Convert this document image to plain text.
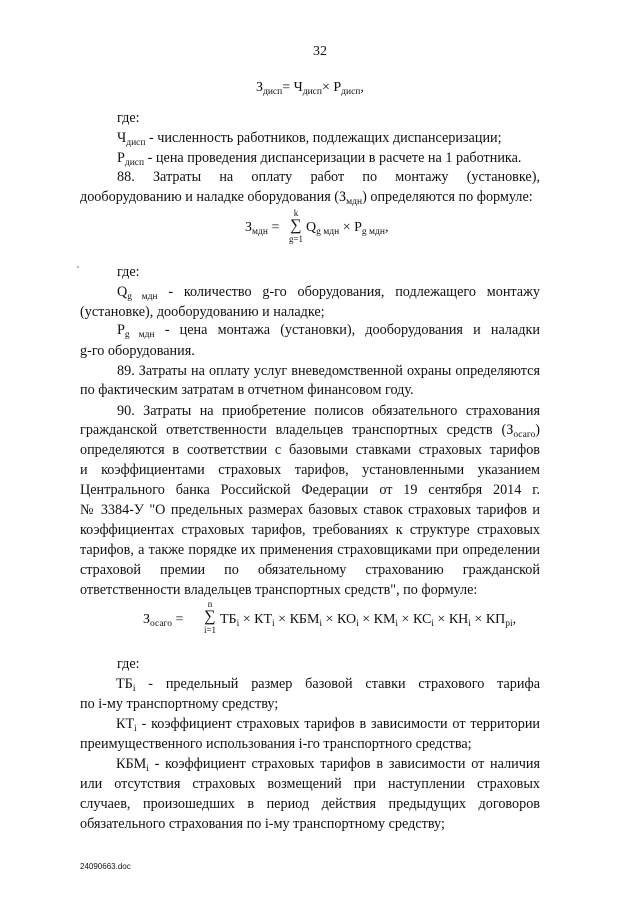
32
$З_{дисп}= Ч_{дисп}\times Р_{дисп}$,
где:
$Ч_{дисп}$ - численность работников, подлежащих диспансеризации;
$Р_{дисп}$ - цена проведения диспансеризации в расчете на 1 работника.
88. Затраты на оплату работ по монтажу (установке),
дооборудованию и наладке оборудования $(З_{мдн})$ определяются по формуле:
$З_{мдн}$ =
k
∑
g=1
$Q_{g мдн} \times P_{g мдн}$,
где:
$Q_{g мдн}$ - количество g-го оборудования, подлежащего монтажу
(установке), дооборудованию и наладке;
$P_{g мдн}$ - цена монтажа (установки), дооборудования и наладки
g-го оборудования.
89. Затраты на оплату услуг вневедомственной охраны определяются
по фактическим затратам в отчетном финансовом году.
90. Затраты на приобретение полисов обязательного страхования
гражданской ответственности владельцев транспортных средств $(З_{осаго})$
определяются в соответствии с базовыми ставками страховых тарифов
и коэффициентами страховых тарифов, установленными указанием
Центрального банка Российской Федерации от 19 сентября 2014 г.
№ 3384-У "О предельных размерах базовых ставок страховых тарифов и
коэффициентах страховых тарифов, требованиях к структуре страховых
тарифов, а также порядке их применения страховщиками при определении
страховой премии по обязательному страхованию гражданской
ответственности владельцев транспортных средств", по формуле:
$З_{осаго}$ =
n
∑
i=1
$ТБ_i \times КТ_i \times КБМ_i \times КО_i \times КМ_i \times КС_i \times КН_i \times КП_{pi}$,
где:
$ТБ_i$ - предельный размер базовой ставки страхового тарифа
по i-му транспортному средству;
$КТ_i$ - коэффициент страховых тарифов в зависимости от территории
преимущественного использования i-го транспортного средства;
$КБМ_i$ - коэффициент страховых тарифов в зависимости от наличия
или отсутствия страховых возмещений при наступлении страховых
случаев, произошедших в период действия предыдущих договоров
обязательного страхования по i-му транспортному средству;
24090663.doc
